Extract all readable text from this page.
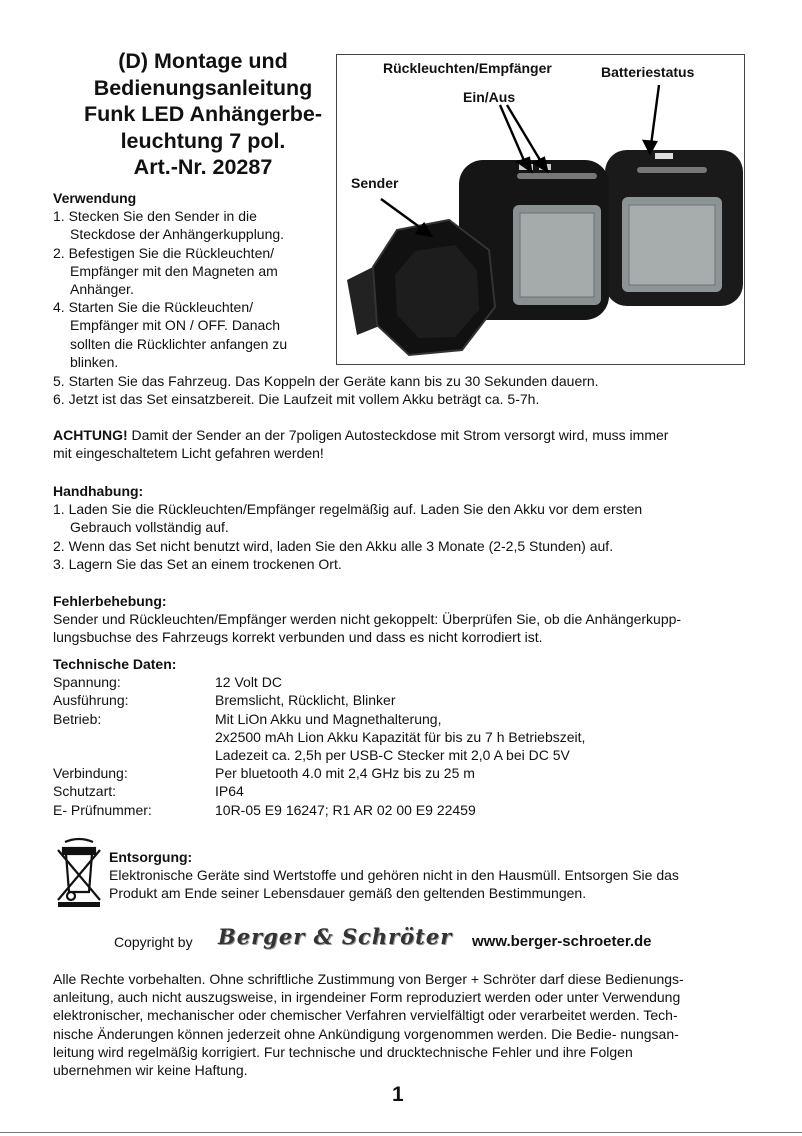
(D) Montage und
Bedienungsanleitung
Funk LED Anhängerbe-
leuchtung 7 pol.
Art.-Nr. 20287
Rückleuchten/Empfänger	Batteriestatus
Ein/Aus
Sender
Verwendung
1. Stecken Sie den Sender in die
Steckdose der Anhängerkupplung.
2. Befestigen Sie die Rückleuchten/
Empfänger mit den Magneten am
Anhänger.
4. Starten Sie die Rückleuchten/
Empfänger mit ON / OFF. Danach
sollten die Rücklichter anfangen zu
blinken.
5. Starten Sie das Fahrzeug. Das Koppeln der Geräte kann bis zu 30 Sekunden dauern.
6. Jetzt ist das Set einsatzbereit. Die Laufzeit mit vollem Akku beträgt ca. 5-7h.
ACHTUNG! Damit der Sender an der 7poligen Autosteckdose mit Strom versorgt wird, muss immer
mit eingeschaltetem Licht gefahren werden!
Handhabung:
1. Laden Sie die Rückleuchten/Empfänger regelmäßig auf. Laden Sie den Akku vor dem ersten
Gebrauch vollständig auf.
2. Wenn das Set nicht benutzt wird, laden Sie den Akku alle 3 Monate (2-2,5 Stunden) auf.
3. Lagern Sie das Set an einem trockenen Ort.
Fehlerbehebung:
Sender und Rückleuchten/Empfänger werden nicht gekoppelt: Überprüfen Sie, ob die Anhängerkupp-
lungsbuchse des Fahrzeugs korrekt verbunden und dass es nicht korrodiert ist.
Technische Daten:
Spannung:	12 Volt DC
Ausführung:	Bremslicht, Rücklicht, Blinker
Betrieb:	Mit LiOn Akku und Magnethalterung,
2x2500 mAh Lion Akku Kapazität für bis zu 7 h Betriebszeit,
Ladezeit ca. 2,5h per USB-C Stecker mit 2,0 A bei DC 5V

Verbindung:	Per bluetooth 4.0 mit 2,4 GHz bis zu 25 m
Schutzart:	IP64
E- Prüfnummer:	10R-05 E9 16247; R1 AR 02 00 E9 22459
Entsorgung:
Elektronische Geräte sind Wertstoffe und gehören nicht in den Hausmüll. Entsorgen Sie das
Produkt am Ende seiner Lebensdauer gemäß den geltenden Bestimmungen.
Copyright by Berger & Schröter www.berger-schroeter.de
Alle Rechte vorbehalten. Ohne schriftliche Zustimmung von Berger + Schröter darf diese Bedienungs-
anleitung, auch nicht auszugsweise, in irgendeiner Form reproduziert werden oder unter Verwendung
elektronischer, mechanischer oder chemischer Verfahren vervielfältigt oder verarbeitet werden. Tech-
nische Änderungen können jederzeit ohne Ankündigung vorgenommen werden. Die Bedie- nungsan-
leitung wird regelmäßig korrigiert. Fur technische und drucktechnische Fehler und ihre Folgen
ubernehmen wir keine Haftung.
1
